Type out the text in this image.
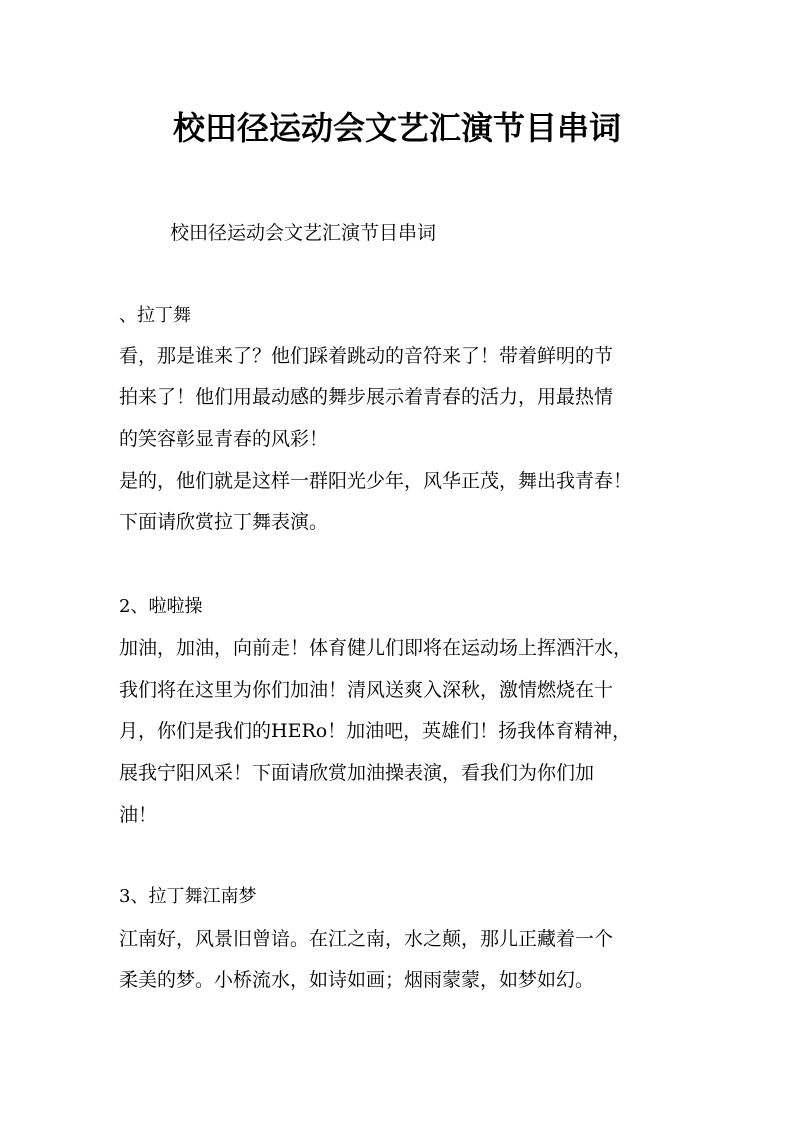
校田径运动会文艺汇演节目串词

校田径运动会文艺汇演节目串词

、拉丁舞

看，那是谁来了？他们踩着跳动的音符来了！带着鲜明的节

拍来了！他们用最动感的舞步展示着青春的活力，用最热情

的笑容彰显青春的风彩！

是的，他们就是这样一群阳光少年，风华正茂，舞出我青春！

下面请欣赏拉丁舞表演。

2、啦啦操

加油，加油，向前走！体育健儿们即将在运动场上挥洒汗水，

我们将在这里为你们加油！清风送爽入深秋，激情燃烧在十

月，你们是我们的HERo！加油吧，英雄们！扬我体育精神，

展我宁阳风采！下面请欣赏加油操表演，看我们为你们加

油！

3、拉丁舞江南梦

江南好，风景旧曾谙。在江之南，水之颠，那儿正藏着一个

柔美的梦。小桥流水，如诗如画；烟雨蒙蒙，如梦如幻。
